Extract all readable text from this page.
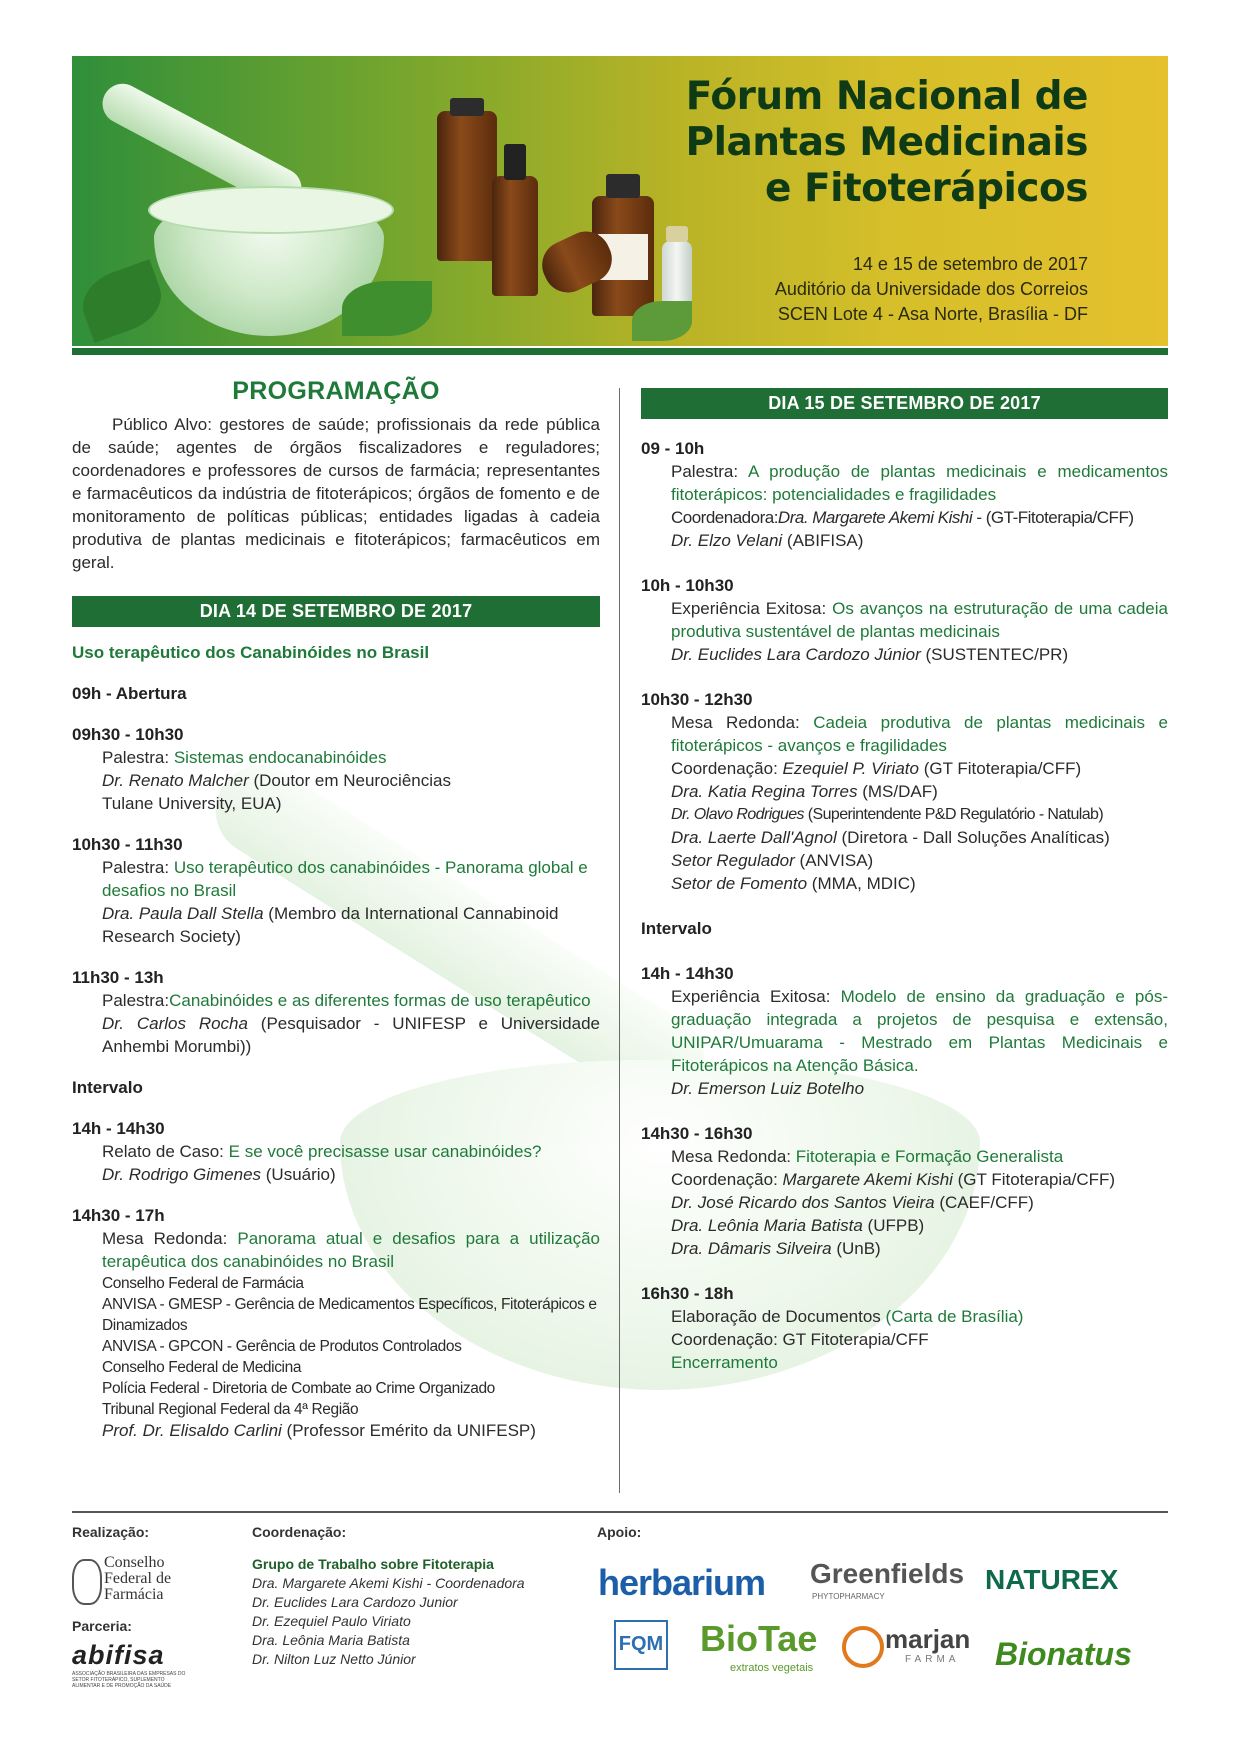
Fórum Nacional de
Plantas Medicinais
e Fitoterápicos
14 e 15 de setembro de 2017
Auditório da Universidade dos Correios
SCEN Lote 4 - Asa Norte, Brasília - DF
PROGRAMAÇÃO

Público Alvo: gestores de saúde; profissionais da rede pública de saúde; agentes de órgãos fiscalizadores e reguladores; coordenadores e professores de cursos de farmácia; representantes e farmacêuticos da indústria de fitoterápicos; órgãos de fomento e de monitoramento de políticas públicas; entidades ligadas à cadeia produtiva de plantas medicinais e fitoterápicos; farmacêuticos em geral.

DIA 14 DE SETEMBRO DE 2017
Uso terapêutico dos Canabinóides no Brasil
09h - Abertura
09h30 - 10h30
Palestra: Sistemas endocanabinóides
Dr. Renato Malcher (Doutor em Neurociências
Tulane University, EUA)
10h30 - 11h30
Palestra: Uso terapêutico dos canabinóides - Panorama global e desafios no Brasil
Dra. Paula Dall Stella (Membro da International Cannabinoid Research Society)
11h30 - 13h
Palestra:Canabinóides e as diferentes formas de uso terapêutico
Dr. Carlos Rocha (Pesquisador - UNIFESP e Universidade Anhembi Morumbi))
Intervalo
14h - 14h30
Relato de Caso: E se você precisasse usar canabinóides?
Dr. Rodrigo Gimenes (Usuário)
14h30 - 17h
Mesa Redonda: Panorama atual e desafios para a utilização terapêutica dos canabinóides no Brasil
Conselho Federal de Farmácia
ANVISA - GMESP - Gerência de Medicamentos Específicos, Fitoterápicos e Dinamizados
ANVISA - GPCON - Gerência de Produtos Controlados
Conselho Federal de Medicina
Polícia Federal - Diretoria de Combate ao Crime Organizado
Tribunal Regional Federal da 4ª Região
Prof. Dr. Elisaldo Carlini (Professor Emérito da UNIFESP)
DIA 15 DE SETEMBRO DE 2017
09 - 10h
Palestra: A produção de plantas medicinais e medicamentos fitoterápicos: potencialidades e fragilidades
Coordenadora:Dra. Margarete Akemi Kishi - (GT-Fitoterapia/CFF)
Dr. Elzo Velani (ABIFISA)
10h - 10h30
Experiência Exitosa: Os avanços na estruturação de uma cadeia produtiva sustentável de plantas medicinais
Dr. Euclides Lara Cardozo Júnior (SUSTENTEC/PR)
10h30 - 12h30
Mesa Redonda: Cadeia produtiva de plantas medicinais e fitoterápicos - avanços e fragilidades
Coordenação: Ezequiel P. Viriato (GT Fitoterapia/CFF)
Dra. Katia Regina Torres (MS/DAF)
Dr. Olavo Rodrigues (Superintendente P&D Regulatório - Natulab)
Dra. Laerte Dall'Agnol (Diretora - Dall Soluções Analíticas)
Setor Regulador (ANVISA)
Setor de Fomento (MMA, MDIC)
Intervalo
14h - 14h30
Experiência Exitosa: Modelo de ensino da graduação e pós-graduação integrada a projetos de pesquisa e extensão, UNIPAR/Umuarama - Mestrado em Plantas Medicinais e Fitoterápicos na Atenção Básica.
Dr. Emerson Luiz Botelho
14h30 - 16h30
Mesa Redonda: Fitoterapia e Formação Generalista
Coordenação: Margarete Akemi Kishi (GT Fitoterapia/CFF)
Dr. José Ricardo dos Santos Vieira (CAEF/CFF)
Dra. Leônia Maria Batista (UFPB)
Dra. Dâmaris Silveira (UnB)
16h30 - 18h
Elaboração de Documentos (Carta de Brasília)
Coordenação: GT Fitoterapia/CFF
Encerramento
Realização:	Coordenação:	Apoio:
Parceria:
Conselho
Federal de
Farmácia
abifisa
ASSOCIAÇÃO BRASILEIRA DAS EMPRESAS DO SETOR FITOTERÁPICO, SUPLEMENTO ALIMENTAR E DE PROMOÇÃO DA SAÚDE
Grupo de Trabalho sobre Fitoterapia
Dra. Margarete Akemi Kishi - Coordenadora
Dr. Euclides Lara Cardozo Junior
Dr. Ezequiel Paulo Viriato
Dra. Leônia Maria Batista
Dr. Nilton Luz Netto Júnior
herbarium Greenfields
PHYTOPHARMACY
NATUREX
FQM BioTae
extratos vegetais
marjan
FARMA Bionatus
